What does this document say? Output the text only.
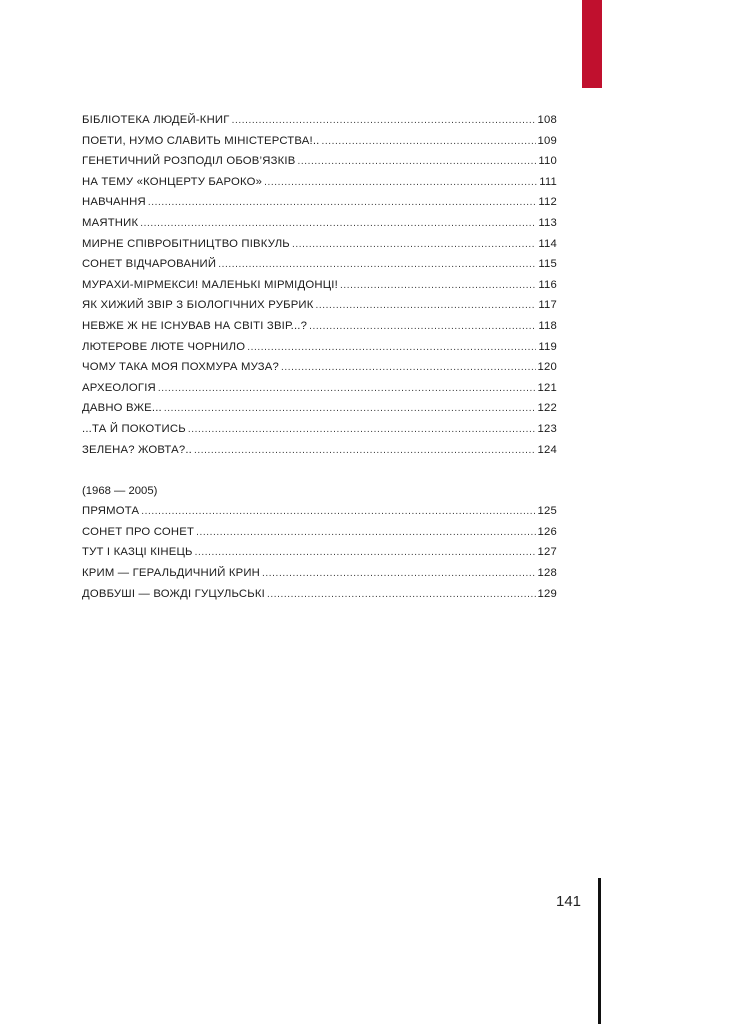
БІБЛІОТЕКА ЛЮДЕЙ-КНИГ .....	108
ПОЕТИ, НУМО СЛАВИТЬ МІНІСТЕРСТВА!.. .....	109
ГЕНЕТИЧНИЙ РОЗПОДІЛ ОБОВ’ЯЗКІВ .....	110
НА ТЕМУ «КОНЦЕРТУ БАРОКО» .....	111
НАВЧАННЯ .....	112
МАЯТНИК .....	113
МИРНЕ СПІВРОБІТНИЦТВО ПІВКУЛЬ .....	114
СОНЕТ ВІДЧАРОВАНИЙ .....	115
МУРАХИ-МІРМЕКСИ! МАЛЕНЬКІ МІРМІДОНЦІ! .....	116
ЯК ХИЖИЙ ЗВІР З БІОЛОГІЧНИХ РУБРИК .....	117
НЕВЖЕ Ж НЕ ІСНУВАВ НА СВІТІ ЗВІР...? .....	118
ЛЮТЕРОВЕ ЛЮТЕ ЧОРНИЛО .....	119
ЧОМУ ТАКА МОЯ ПОХМУРА МУЗА? .....	120
АРХЕОЛОГІЯ .....	121
ДАВНО ВЖЕ... .....	122
...ТА Й ПОКОТИСЬ .....	123
ЗЕЛЕНА? ЖОВТА?.. .....	124
(1968 — 2005)
ПРЯМОТА .....	125
СОНЕТ ПРО СОНЕТ .....	126
ТУТ І КАЗЦІ КІНЕЦЬ .....	127
КРИМ — ГЕРАЛЬДИЧНИЙ КРИН .....	128
ДОВБУШІ — ВОЖДІ ГУЦУЛЬСЬКІ .....	129
141
